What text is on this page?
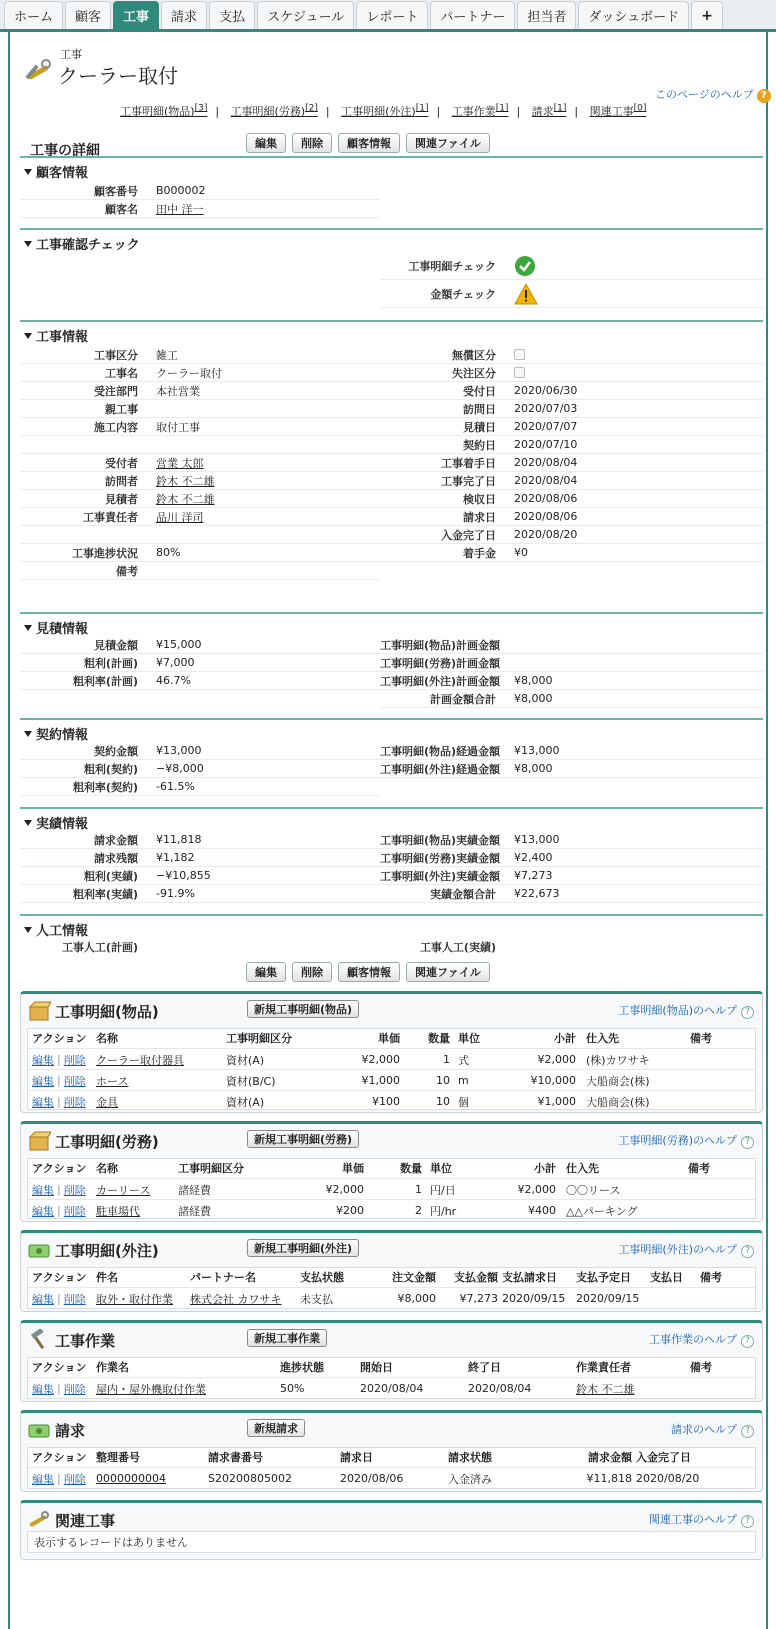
ホーム	顧客	工事	請求	支払	スケジュール	レポート	パートナー	担当者	ダッシュボード	+
工事
クーラー取付
このページのヘルプ ?
工事明細(物品)[3] | 工事明細(労務)[2] | 工事明細(外注)[1] | 工事作業[1] | 請求[1] | 関連工事[0]
工事の詳細	編集	削除	顧客情報	関連ファイル
顧客情報
顧客番号 B000002
顧客名 田中 洋一
工事確認チェック
工事明細チェック
金額チェック
工事情報
工事区分 雑工
工事名 クーラー取付
受注部門 本社営業
親工事
施工内容 取付工事
受付者 営業 太郎
訪問者 鈴木 不二雄
見積者 鈴木 不二雄
工事責任者 品川 洋司
工事進捗状況 80%
備考
無償区分
失注区分
受付日 2020/06/30
訪問日 2020/07/03
見積日 2020/07/07
契約日 2020/07/10
工事着手日 2020/08/04
工事完了日 2020/08/04
検収日 2020/08/06
請求日 2020/08/06
入金完了日 2020/08/20
着手金 ¥0
見積情報
見積金額 ¥15,000
粗利(計画) ¥7,000
粗利率(計画) 46.7%
工事明細(物品)計画金額
工事明細(労務)計画金額
工事明細(外注)計画金額 ¥8,000
計画金額合計 ¥8,000
契約情報
契約金額 ¥13,000
粗利(契約) −¥8,000
粗利率(契約) -61.5%
工事明細(物品)経過金額 ¥13,000
工事明細(外注)経過金額 ¥8,000
実績情報
請求金額 ¥11,818
請求残額 ¥1,182
粗利(実績) −¥10,855
粗利率(実績) -91.9%
工事明細(物品)実績金額 ¥13,000
工事明細(労務)実績金額 ¥2,400
工事明細(外注)実績金額 ¥7,273
実績金額合計 ¥22,673
人工情報
工事人工(計画)	工事人工(実績)
編集	削除	顧客情報	関連ファイル
工事明細(物品)	新規工事明細(物品)	工事明細(物品)のヘルプ ?
アクション 名称	工事明細区分	単価	数量 単位	小計 仕入先	備考
編集 | 削除 クーラー取付器具	資材(A)	¥2,000	1 式	¥2,000 (株)カワサキ
編集 | 削除 ホース	資材(B/C)	¥1,000	10 m	¥10,000 大船商会(株)
編集 | 削除 金具	資材(A)	¥100	10 個	¥1,000 大船商会(株)
工事明細(労務)	新規工事明細(労務)	工事明細(労務)のヘルプ ?
アクション 名称	工事明細区分	単価	数量 単位	小計 仕入先	備考
編集 | 削除 カーリース	諸経費	¥2,000	1 円/日	¥2,000 〇〇リース
編集 | 削除 駐車場代	諸経費	¥200	2 円/hr	¥400 △△パーキング
工事明細(外注)	新規工事明細(外注)	工事明細(外注)のヘルプ ?
アクション 件名	パートナー名	支払状態	注文金額	支払金額 支払請求日	支払予定日	支払日	備考
編集 | 削除 取外・取付作業	株式会社 カワサキ	未支払	¥8,000	¥7,273 2020/09/15 2020/09/15
工事作業	新規工事作業	工事作業のヘルプ ?
アクション 作業名	進捗状態	開始日	終了日	作業責任者	備考
編集 | 削除 屋内・屋外機取付作業	50%	2020/08/04	2020/08/04	鈴木 不二雄
請求	新規請求	請求のヘルプ ?
アクション 整理番号	請求書番号	請求日	請求状態	請求金額 入金完了日
編集 | 削除 0000000004	S20200805002	2020/08/06	入金済み	¥11,818 2020/08/20
関連工事	関連工事のヘルプ ?
表示するレコードはありません
